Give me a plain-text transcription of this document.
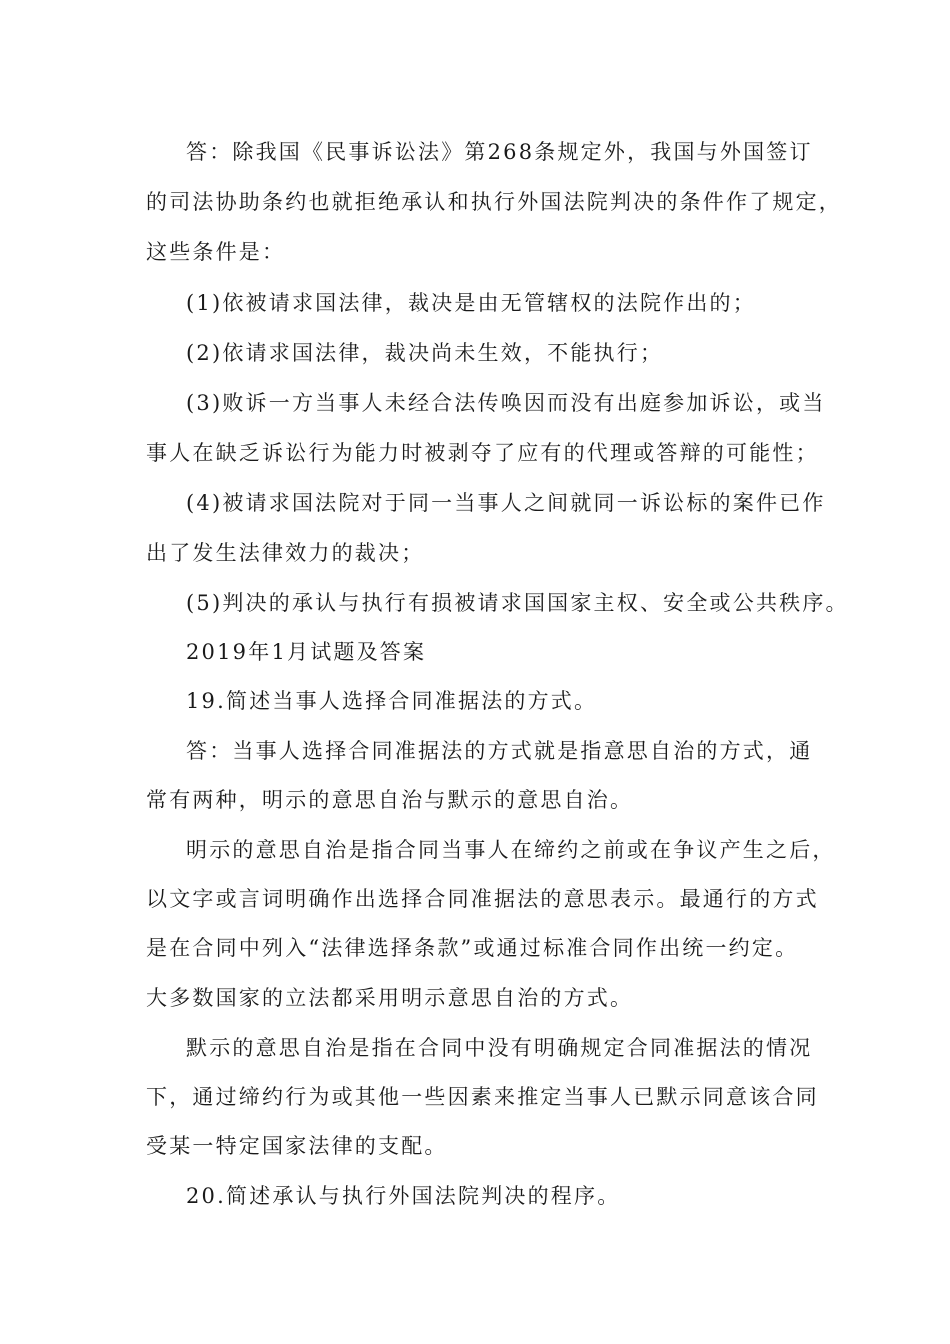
答：除我国《民事诉讼法》第268条规定外，我国与外国签订
的司法协助条约也就拒绝承认和执行外国法院判决的条件作了规定，
这些条件是：
(1)依被请求国法律，裁决是由无管辖权的法院作出的；
(2)依请求国法律，裁决尚未生效，不能执行；
(3)败诉一方当事人未经合法传唤因而没有出庭参加诉讼，或当
事人在缺乏诉讼行为能力时被剥夺了应有的代理或答辩的可能性；
(4)被请求国法院对于同一当事人之间就同一诉讼标的案件已作
出了发生法律效力的裁决；
(5)判决的承认与执行有损被请求国国家主权、安全或公共秩序。
2019年1月试题及答案
19.简述当事人选择合同准据法的方式。
答：当事人选择合同准据法的方式就是指意思自治的方式，通
常有两种，明示的意思自治与默示的意思自治。
明示的意思自治是指合同当事人在缔约之前或在争议产生之后，
以文字或言词明确作出选择合同准据法的意思表示。最通行的方式
是在合同中列入“法律选择条款”或通过标准合同作出统一约定。
大多数国家的立法都采用明示意思自治的方式。
默示的意思自治是指在合同中没有明确规定合同准据法的情况
下，通过缔约行为或其他一些因素来推定当事人已默示同意该合同
受某一特定国家法律的支配。
20.简述承认与执行外国法院判决的程序。
